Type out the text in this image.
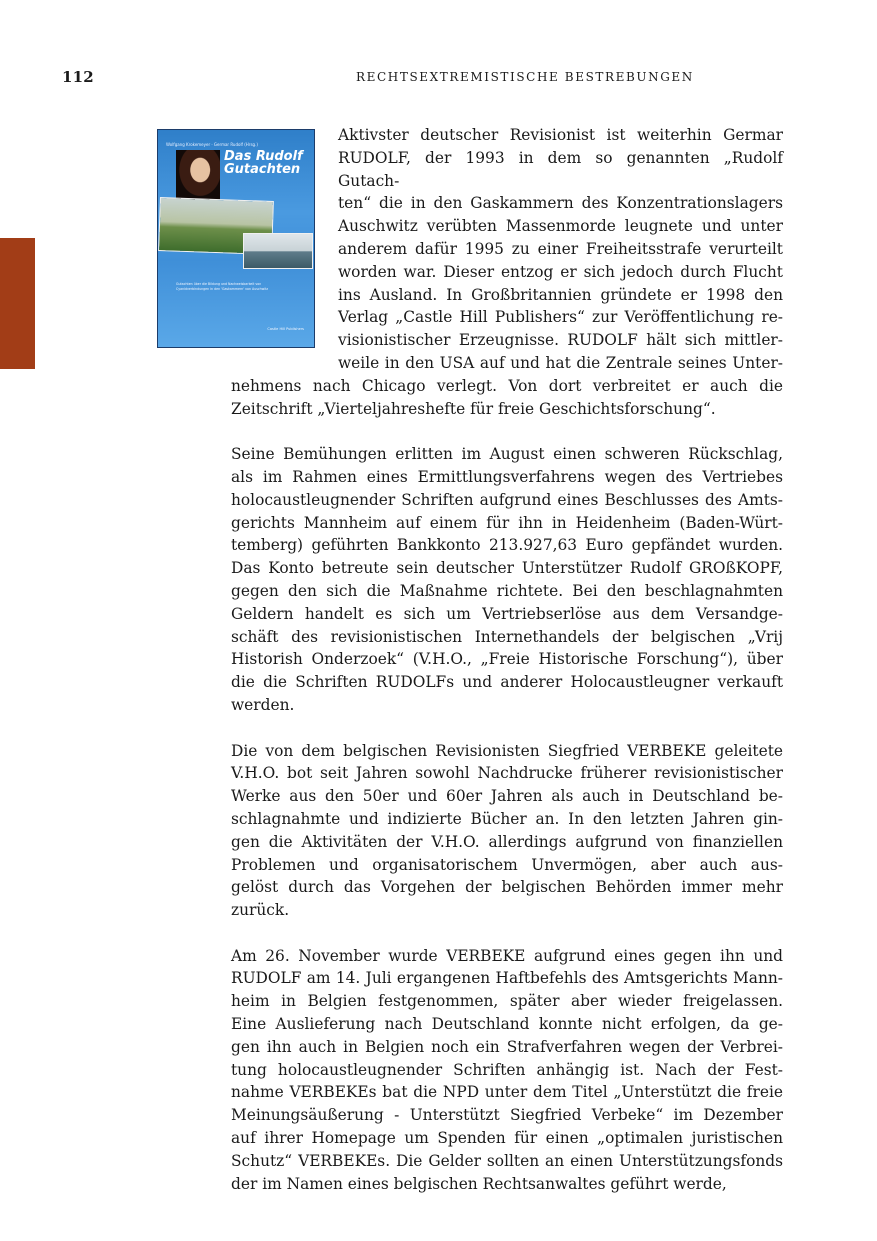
112	RECHTSEXTREMISTISCHE BESTREBUNGEN
Wolfgang Krokemeyer · Germar Rudolf (Hrsg.)
Das Rudolf Gutachten
Gutachten über die Bildung und Nachweisbarkeit von Cyanidverbindungen in den 'Gaskammern' von Auschwitz
Castle Hill Publishers

Aktivster deutscher Revisionist ist weiterhin Germar
RUDOLF, der 1993 in dem so genannten „Rudolf Gutach-
ten“ die in den Gaskammern des Konzentrationslagers
Auschwitz verübten Massenmorde leugnete und unter
anderem dafür 1995 zu einer Freiheitsstrafe verurteilt
worden war. Dieser entzog er sich jedoch durch Flucht
ins Ausland. In Großbritannien gründete er 1998 den
Verlag „Castle Hill Publishers“ zur Veröffentlichung re-
visionistischer Erzeugnisse. RUDOLF hält sich mittler-
weile in den USA auf und hat die Zentrale seines Unter-
nehmens nach Chicago verlegt. Von dort verbreitet er auch die
Zeitschrift „Vierteljahreshefte für freie Geschichtsforschung“.

Seine Bemühungen erlitten im August einen schweren Rückschlag,
als im Rahmen eines Ermittlungsverfahrens wegen des Vertriebes
holocaustleugnender Schriften aufgrund eines Beschlusses des Amts-
gerichts Mannheim auf einem für ihn in Heidenheim (Baden-Würt-
temberg) geführten Bankkonto 213.927,63 Euro gepfändet wurden.
Das Konto betreute sein deutscher Unterstützer Rudolf GROßKOPF,
gegen den sich die Maßnahme richtete. Bei den beschlagnahmten
Geldern handelt es sich um Vertriebserlöse aus dem Versandge-
schäft des revisionistischen Internethandels der belgischen „Vrij
Historish Onderzoek“ (V.H.O., „Freie Historische Forschung“), über
die die Schriften RUDOLFs und anderer Holocaustleugner verkauft
werden.

Die von dem belgischen Revisionisten Siegfried VERBEKE geleitete
V.H.O. bot seit Jahren sowohl Nachdrucke früherer revisionistischer
Werke aus den 50er und 60er Jahren als auch in Deutschland be-
schlagnahmte und indizierte Bücher an. In den letzten Jahren gin-
gen die Aktivitäten der V.H.O. allerdings aufgrund von finanziellen
Problemen und organisatorischem Unvermögen, aber auch aus-
gelöst durch das Vorgehen der belgischen Behörden immer mehr
zurück.

Am 26. November wurde VERBEKE aufgrund eines gegen ihn und
RUDOLF am 14. Juli ergangenen Haftbefehls des Amtsgerichts Mann-
heim in Belgien festgenommen, später aber wieder freigelassen.
Eine Auslieferung nach Deutschland konnte nicht erfolgen, da ge-
gen ihn auch in Belgien noch ein Strafverfahren wegen der Verbrei-
tung holocaustleugnender Schriften anhängig ist. Nach der Fest-
nahme VERBEKEs bat die NPD unter dem Titel „Unterstützt die freie
Meinungsäußerung - Unterstützt Siegfried Verbeke“ im Dezember
auf ihrer Homepage um Spenden für einen „optimalen juristischen
Schutz“ VERBEKEs. Die Gelder sollten an einen Unterstützungsfonds
der im Namen eines belgischen Rechtsanwaltes geführt werde,
